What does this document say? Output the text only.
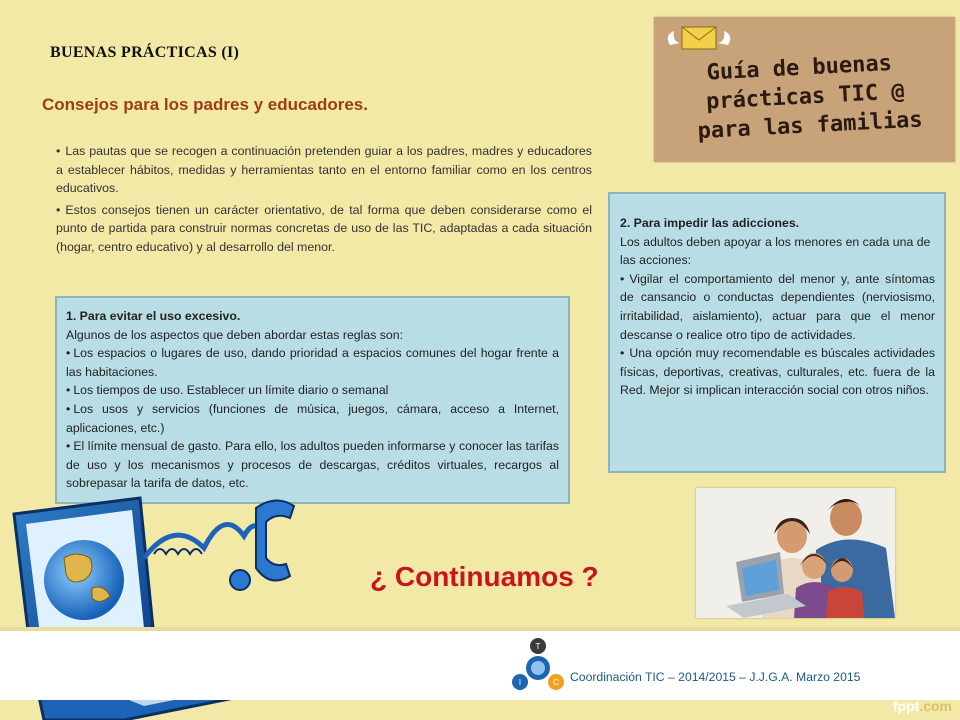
BUENAS PRÁCTICAS (I)
Consejos para los padres y educadores.
• Las pautas que se recogen a continuación pretenden guiar a los padres, madres y educadores a establecer hábitos, medidas y herramientas tanto en el entorno familiar como en los centros educativos.
• Estos consejos tienen un carácter orientativo, de tal forma que deben considerarse como el punto de partida para construir normas concretas de uso de las TIC, adaptadas a cada situación (hogar, centro educativo) y al desarrollo del menor.
Guía de buenas
prácticas TIC @
para las familias
1. Para evitar el uso excesivo.
Algunos de los aspectos que deben abordar estas reglas son:
• Los espacios o lugares de uso, dando prioridad a espacios comunes del hogar frente a las habitaciones.
• Los tiempos de uso. Establecer un límite diario o semanal
• Los usos y servicios (funciones de música, juegos, cámara, acceso a Internet, aplicaciones, etc.)
• El límite mensual de gasto. Para ello, los adultos pueden informarse y conocer las tarifas de uso y los mecanismos y procesos de descargas, créditos virtuales, recargos al sobrepasar la tarifa de datos, etc.
2. Para impedir las adicciones.
Los adultos deben apoyar a los menores en cada una de las acciones:
• Vigilar el comportamiento del menor y, ante síntomas de cansancio o conductas dependientes (nerviosismo, irritabilidad, aislamiento), actuar para que el menor descanse o realice otro tipo de actividades.
• Una opción muy recomendable es búscales actividades físicas, deportivas, creativas, culturales, etc. fuera de la Red. Mejor si implican interacción social con otros niños.
¿ Continuamos ?
T
I	C Coordinación TIC – 2014/2015 – J.J.G.A. Marzo 2015
fppt.com
